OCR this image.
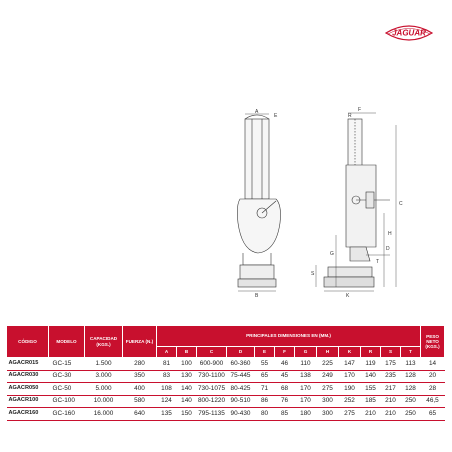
JAGUAR
A
B
C
D
E
F
G
H
K
R
S
T
CÓDIGO	MODELO	CAPACIDAD (KGS.)	FUERZA (N.)	PRINCIPALES DIMENSIONES EN (MM.)												PESO NETO (KGS.)
				A	B	C	D	E	F	G	H	K	R	S	T	
AGACR015	GC-15	1.500	280	81	100	600-900	60-360	55	46	110	225	147	119	175	113	14
AGACR030	GC-30	3.000	350	83	130	730-1100	75-445	65	45	138	249	170	140	235	128	20
AGACR050	GC-50	5.000	400	108	140	730-1075	80-425	71	68	170	275	190	155	217	128	28
AGACR100	GC-100	10.000	580	124	140	800-1220	90-510	86	76	170	300	252	185	210	250	46,5
AGACR160	GC-160	16.000	640	135	150	795-1135	90-430	80	85	180	300	275	210	210	250	65
